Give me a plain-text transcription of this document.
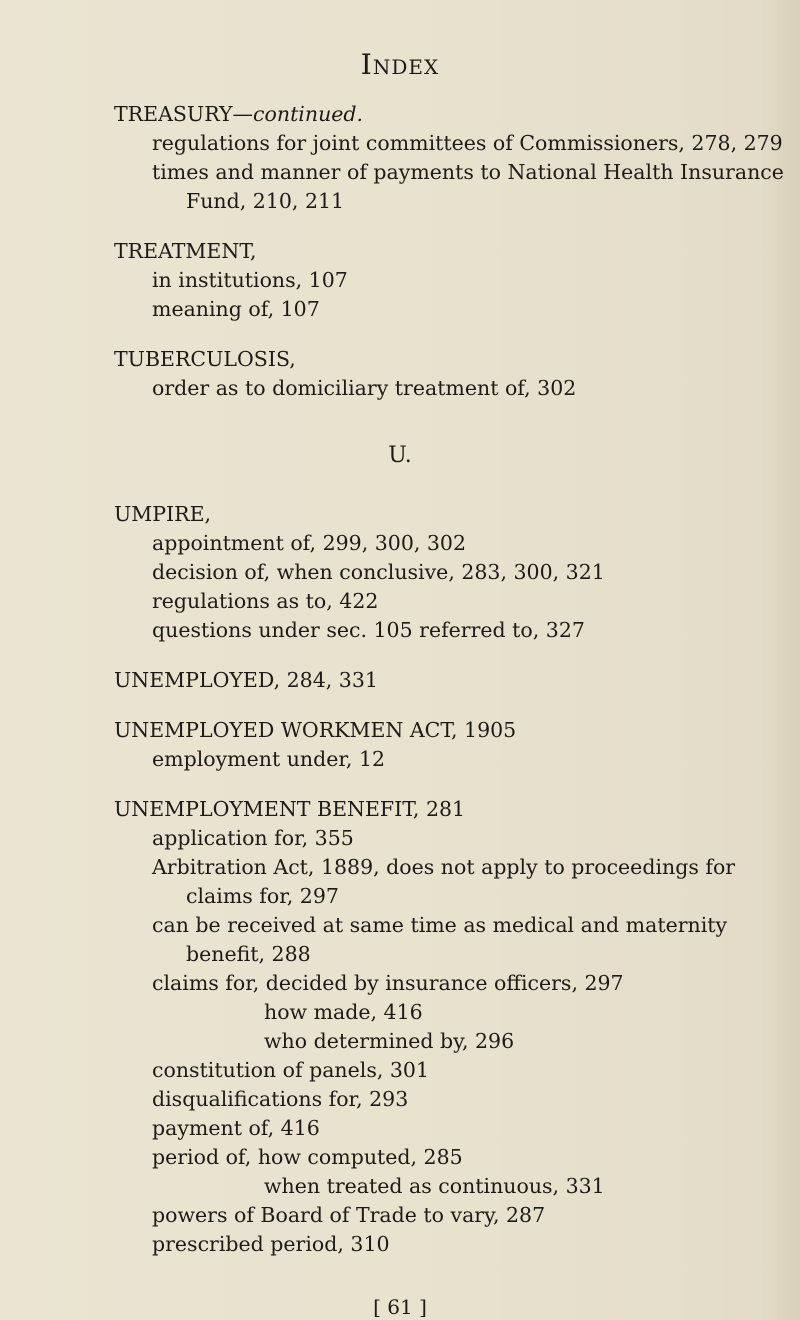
Index
TREASURY—continued.
regulations for joint committees of Commissioners, 278, 279
times and manner of payments to National Health Insurance Fund, 210, 211
TREATMENT,
in institutions, 107
meaning of, 107
TUBERCULOSIS,
order as to domiciliary treatment of, 302
U.
UMPIRE,
appointment of, 299, 300, 302
decision of, when conclusive, 283, 300, 321
regulations as to, 422
questions under sec. 105 referred to, 327
UNEMPLOYED, 284, 331
UNEMPLOYED WORKMEN ACT, 1905
employment under, 12
UNEMPLOYMENT BENEFIT, 281
application for, 355
Arbitration Act, 1889, does not apply to proceedings for claims for, 297
can be received at same time as medical and maternity benefit, 288
claims for, decided by insurance officers, 297
how made, 416
who determined by, 296
constitution of panels, 301
disqualifications for, 293
payment of, 416
period of, how computed, 285
when treated as continuous, 331
powers of Board of Trade to vary, 287
prescribed period, 310
[ 61 ]
